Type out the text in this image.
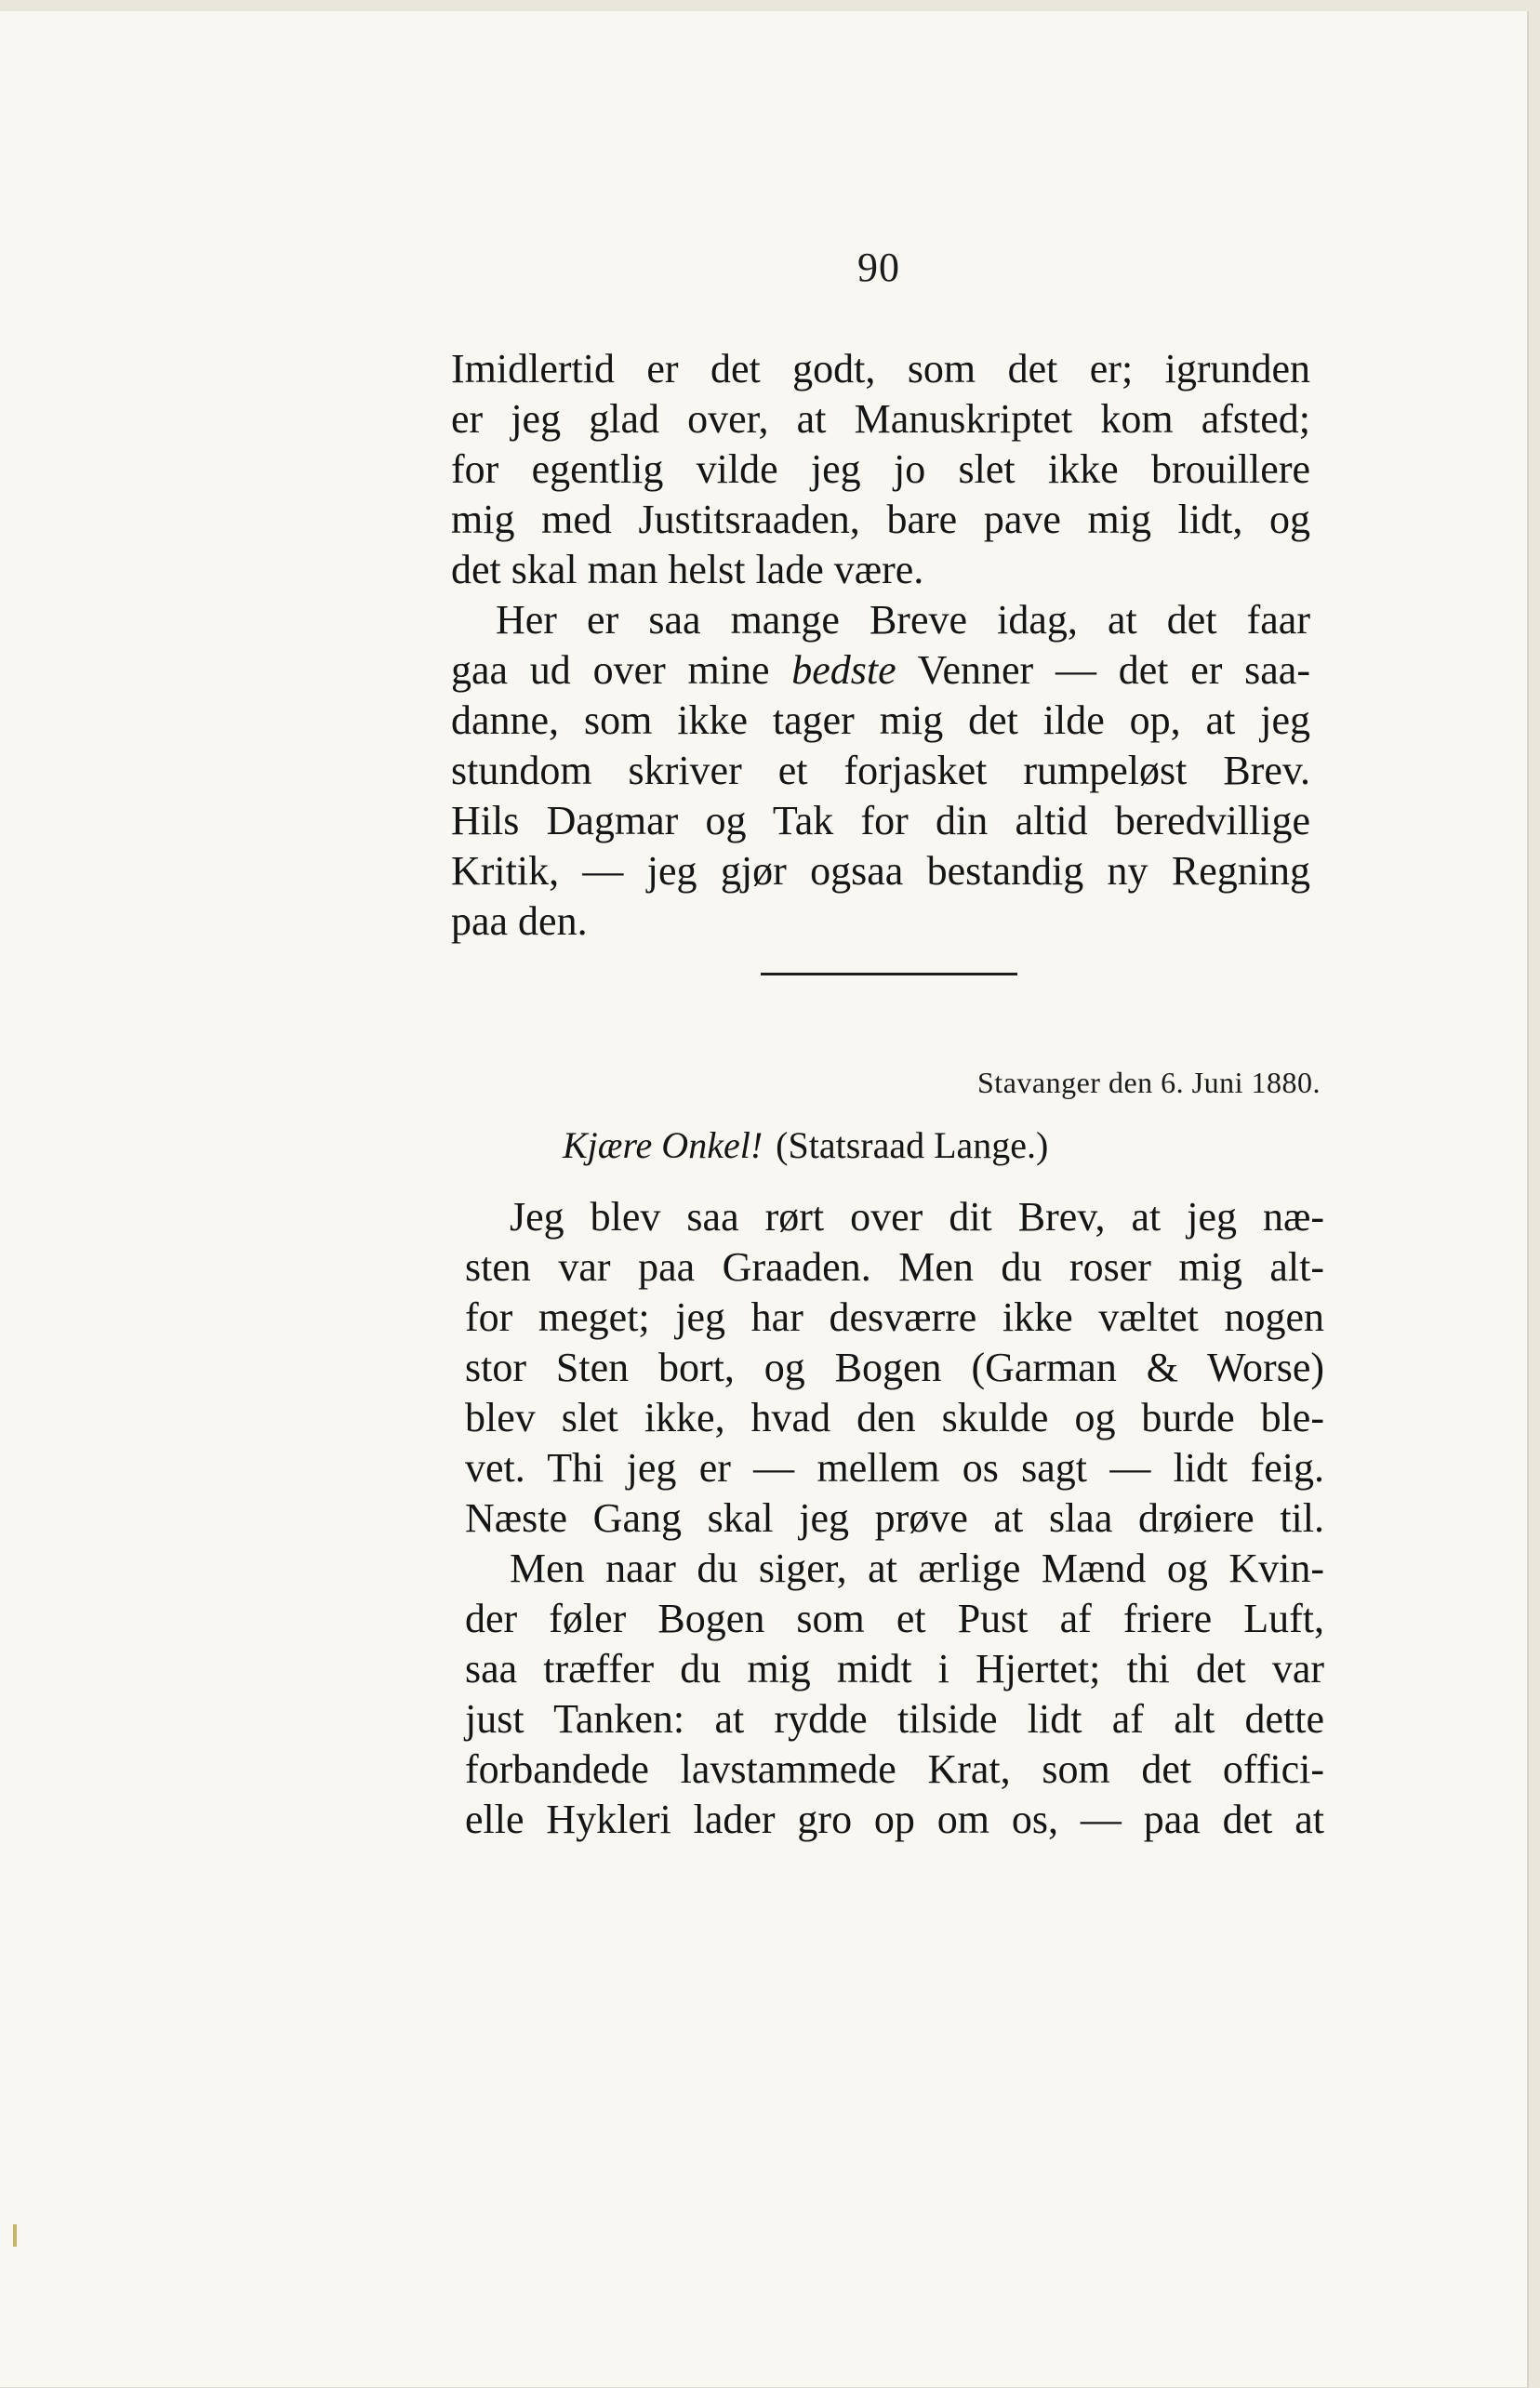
90

Imidlertid er det godt, som det er; igrunden
er jeg glad over, at Manuskriptet kom afsted;
for egentlig vilde jeg jo slet ikke brouillere
mig med Justitsraaden, bare pave mig lidt, og
det skal man helst lade være.

Her er saa mange Breve idag, at det faar
gaa ud over mine bedste Venner — det er saa-
danne, som ikke tager mig det ilde op, at jeg
stundom skriver et forjasket rumpeløst Brev.
Hils Dagmar og Tak for din altid beredvillige
Kritik, — jeg gjør ogsaa bestandig ny Regning
paa den.

Stavanger den 6. Juni 1880.
Kjære Onkel! (Statsraad Lange.)

Jeg blev saa rørt over dit Brev, at jeg næ-
sten var paa Graaden. Men du roser mig alt-
for meget; jeg har desværre ikke væltet nogen
stor Sten bort, og Bogen (Garman & Worse)
blev slet ikke, hvad den skulde og burde ble-
vet. Thi jeg er — mellem os sagt — lidt feig.
Næste Gang skal jeg prøve at slaa drøiere til.

Men naar du siger, at ærlige Mænd og Kvin-
der føler Bogen som et Pust af friere Luft,
saa træffer du mig midt i Hjertet; thi det var
just Tanken: at rydde tilside lidt af alt dette
forbandede lavstammede Krat, som det offici-
elle Hykleri lader gro op om os, — paa det at
